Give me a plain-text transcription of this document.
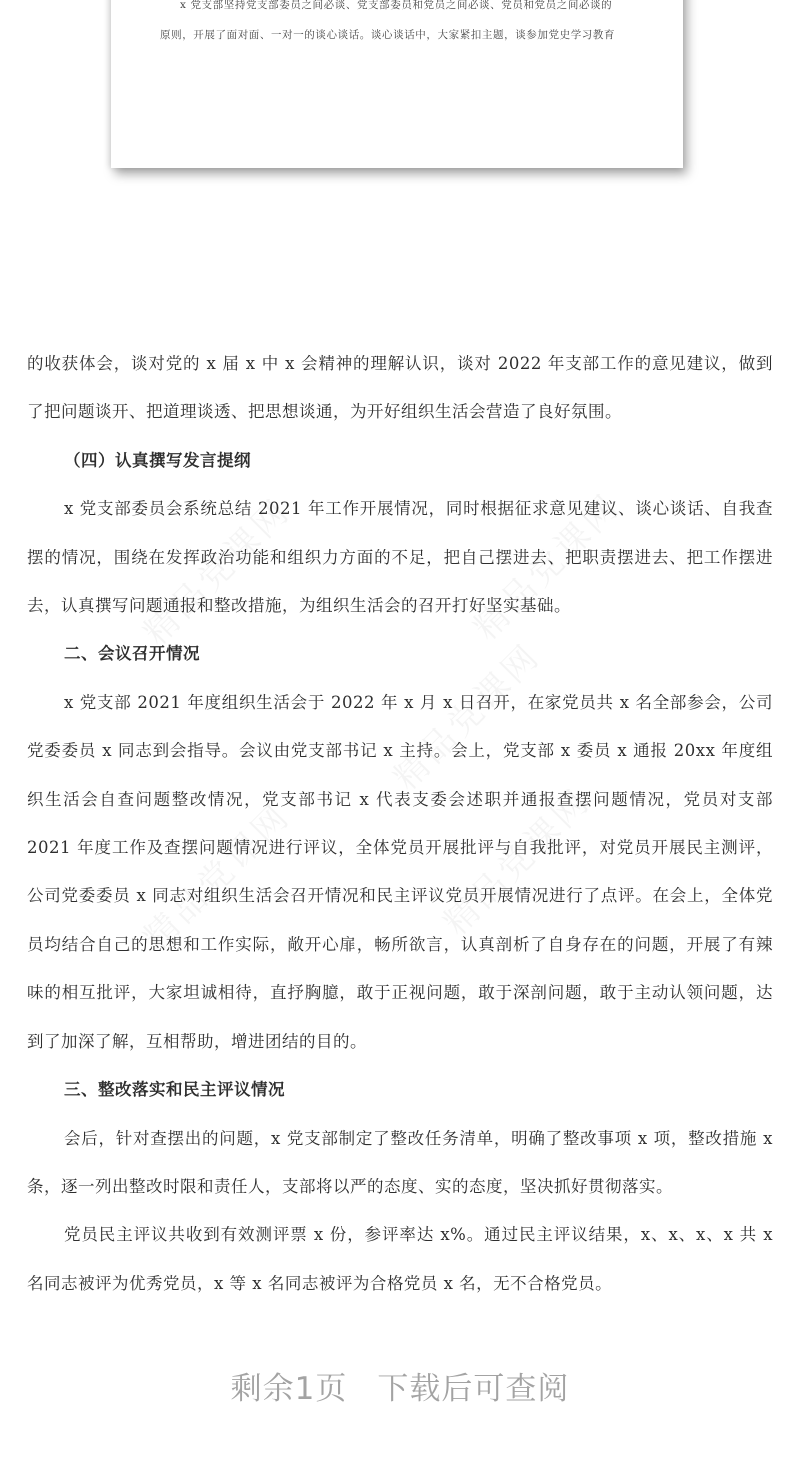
x 党支部坚持党支部委员之间必谈、党支部委员和党员之间必谈、党员和党员之间必谈的
原则，开展了面对面、一对一的谈心谈话。谈心谈话中，大家紧扣主题，谈参加党史学习教育

的收获体会，谈对党的 x 届 x 中 x 会精神的理解认识，谈对 2022 年支部工作的意见建议，做到了把问题谈开、把道理谈透、把思想谈通，为开好组织生活会营造了良好氛围。

（四）认真撰写发言提纲

x 党支部委员会系统总结 2021 年工作开展情况，同时根据征求意见建议、谈心谈话、自我查摆的情况，围绕在发挥政治功能和组织力方面的不足，把自己摆进去、把职责摆进去、把工作摆进去，认真撰写问题通报和整改措施，为组织生活会的召开打好坚实基础。

二、会议召开情况

x 党支部 2021 年度组织生活会于 2022 年 x 月 x 日召开，在家党员共 x 名全部参会，公司党委委员 x 同志到会指导。会议由党支部书记 x 主持。会上，党支部 x 委员 x 通报 20xx 年度组织生活会自查问题整改情况，党支部书记 x 代表支委会述职并通报查摆问题情况，党员对支部 2021 年度工作及查摆问题情况进行评议，全体党员开展批评与自我批评，对党员开展民主测评，公司党委委员 x 同志对组织生活会召开情况和民主评议党员开展情况进行了点评。在会上，全体党员均结合自己的思想和工作实际，敞开心扉，畅所欲言，认真剖析了自身存在的问题，开展了有辣味的相互批评，大家坦诚相待，直抒胸臆，敢于正视问题，敢于深剖问题，敢于主动认领问题，达到了加深了解，互相帮助，增进团结的目的。

三、整改落实和民主评议情况

会后，针对查摆出的问题，x 党支部制定了整改任务清单，明确了整改事项 x 项，整改措施 x 条，逐一列出整改时限和责任人，支部将以严的态度、实的态度，坚决抓好贯彻落实。

党员民主评议共收到有效测评票 x 份，参评率达 x%。通过民主评议结果，x、x、x、x 共 x 名同志被评为优秀党员，x 等 x 名同志被评为合格党员 x 名，无不合格党员。

剩余1页 下载后可查阅
